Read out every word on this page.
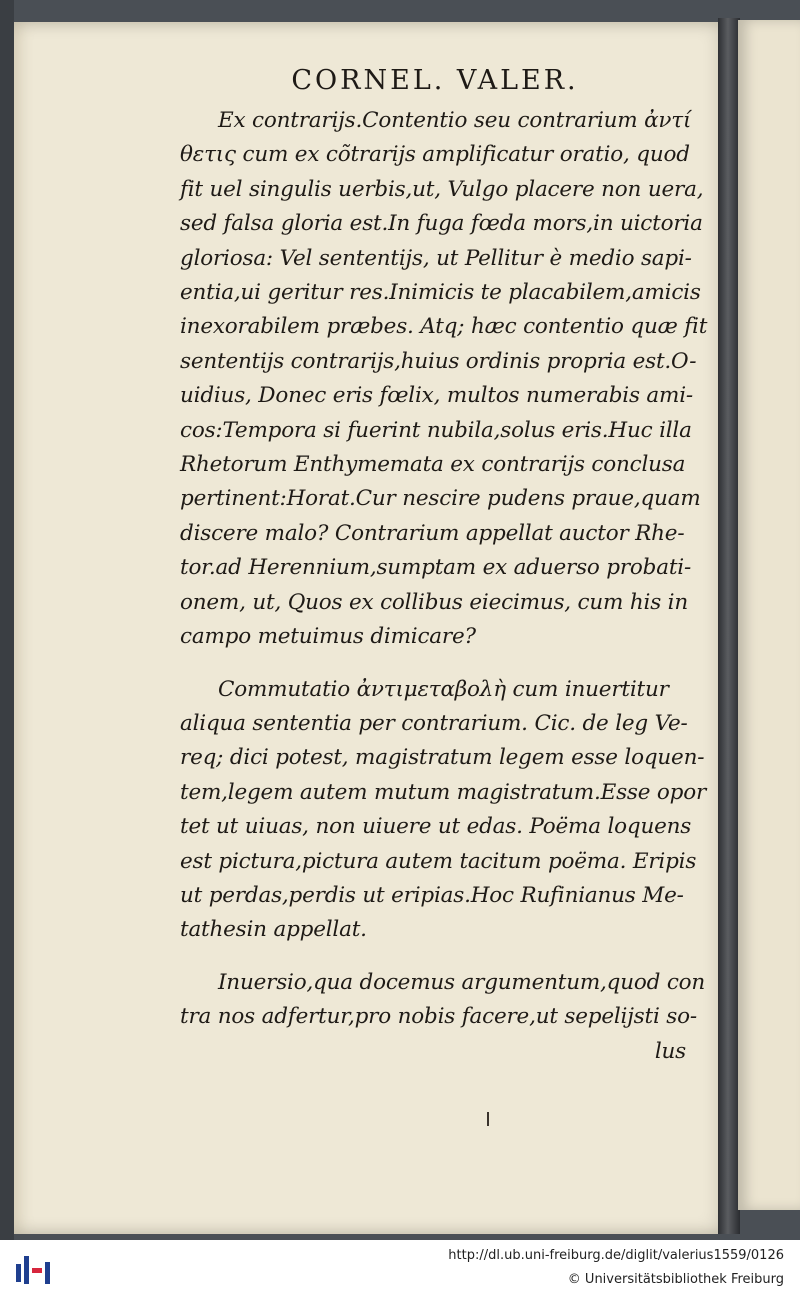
CORNEL. VALER.
Ex contrarijs.Contentio seu contrarium ἀντί
θετις cum ex cõtrarijs amplificatur oratio, quod
fit uel singulis uerbis,ut, Vulgo placere non uera,
sed falsa gloria est.In fuga fœda mors,in uictoria
gloriosa: Vel sententijs, ut Pellitur è medio sapi-
entia,ui geritur res.Inimicis te placabilem,amicis
inexorabilem præbes. Atq; hæc contentio quæ fit
sententijs contrarijs,huius ordinis propria est.O-
uidius, Donec eris fœlix, multos numerabis ami-
cos:Tempora si fuerint nubila,solus eris.Huc illa
Rhetorum Enthymemata ex contrarijs conclusa
pertinent:Horat.Cur nescire pudens praue,quam
discere malo? Contrarium appellat auctor Rhe-
tor.ad Herennium,sumptam ex aduerso probati-
onem, ut, Quos ex collibus eiecimus, cum his in
campo metuimus dimicare?
Commutatio ἀντιμεταβολὴ cum inuertitur
aliqua sententia per contrarium. Cic. de leg Ve-
req; dici potest, magistratum legem esse loquen-
tem,legem autem mutum magistratum.Esse opor
tet ut uiuas, non uiuere ut edas. Poëma loquens
est pictura,pictura autem tacitum poëma. Eripis
ut perdas,perdis ut eripias.Hoc Rufinianus Me-
tathesin appellat.
Inuersio,qua docemus argumentum,quod con
tra nos adfertur,pro nobis facere,ut sepelijsti so-
lus
http://dl.ub.uni-freiburg.de/diglit/valerius1559/0126
© Universitätsbibliothek Freiburg
